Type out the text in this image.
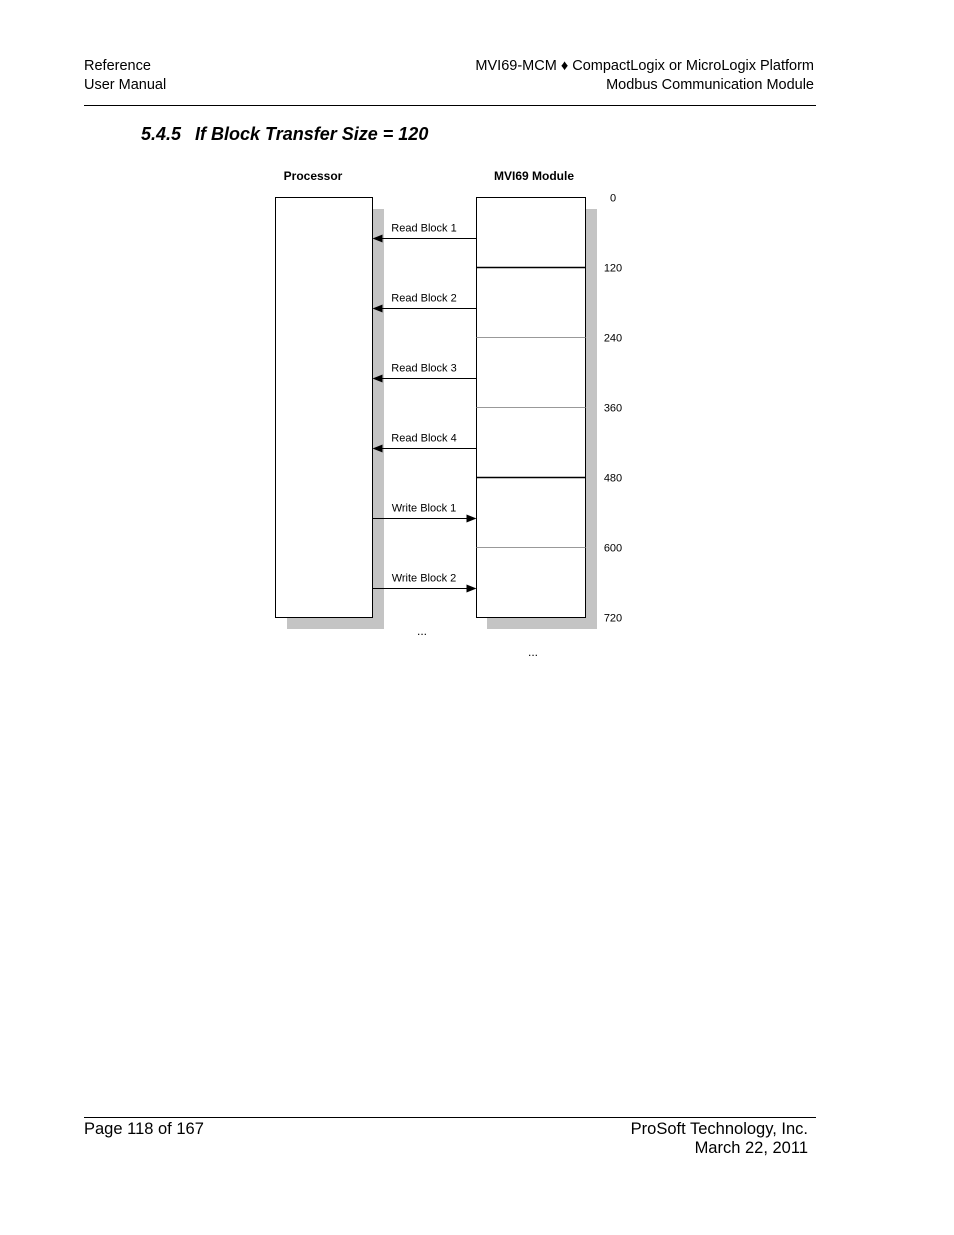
Reference
User Manual
MVI69-MCM ♦ CompactLogix or MicroLogix Platform
Modbus Communication Module
5.4.5 If Block Transfer Size = 120
Processor	MVI69 Module
0
120
240
360
480
600
720
Read Block 1
Read Block 2
Read Block 3
Read Block 4
Write Block 1
Write Block 2
...
...
Page 118 of 167	ProSoft Technology, Inc.
March 22, 2011
